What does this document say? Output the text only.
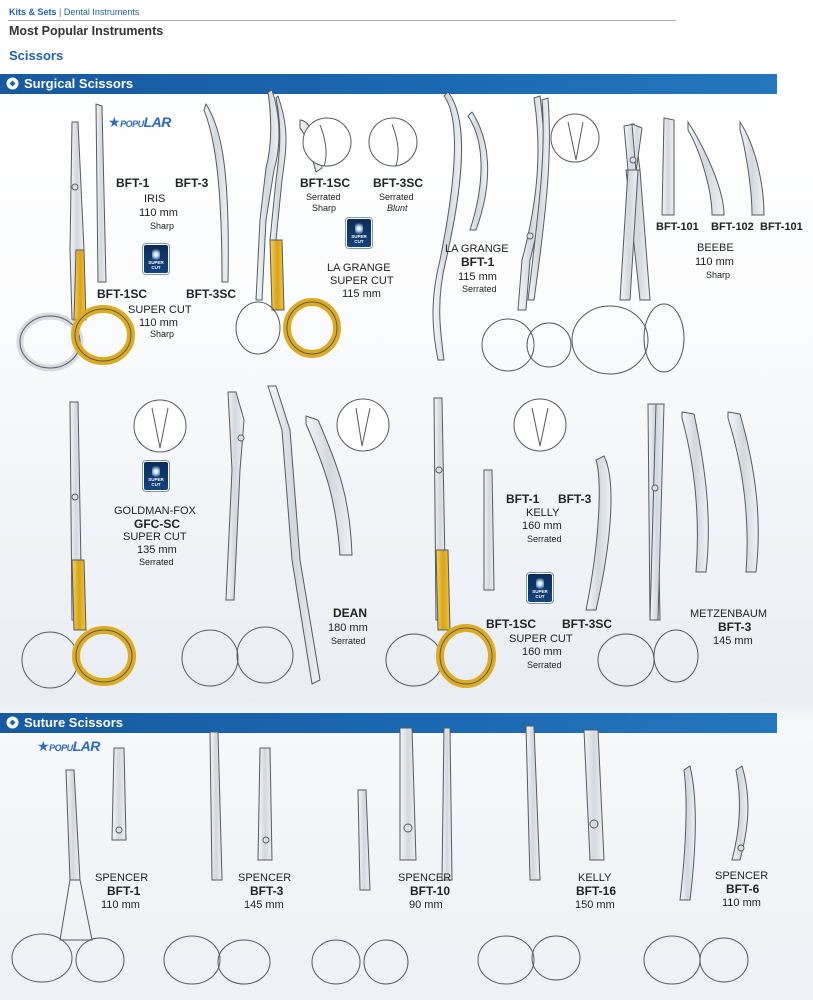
Kits & Sets | Dental Instruments
Most Popular Instruments
Scissors
Surgical Scissors
Suture Scissors
★POPULAR
★POPULAR
SUPER CUT
SUPER CUT
SUPER CUT
SUPER CUT
BFT-1 BFT-3
IRIS
110 mm
Sharp
BFT-1SC	BFT-3SC
SUPER CUT
110 mm
Sharp
BFT-1SC
Serrated
Sharp
BFT-3SC
Serrated
Blunt
LA GRANGE
SUPER CUT
115 mm
LA GRANGE
BFT-1
115 mm
Serrated
BFT-101 BFT-102 BFT-101
BEEBE
110 mm
Sharp
GOLDMAN-FOX
GFC-SC
SUPER CUT
135 mm
Serrated
DEAN
180 mm
Serrated
BFT-1 BFT-3
KELLY
160 mm
Serrated
BFT-1SC BFT-3SC
SUPER CUT
160 mm
Serrated
METZENBAUM
BFT-3
145 mm
SPENCER
BFT-1
110 mm
SPENCER
BFT-3
145 mm
SPENCER
BFT-10
90 mm
KELLY
BFT-16
150 mm
SPENCER
BFT-6
110 mm
